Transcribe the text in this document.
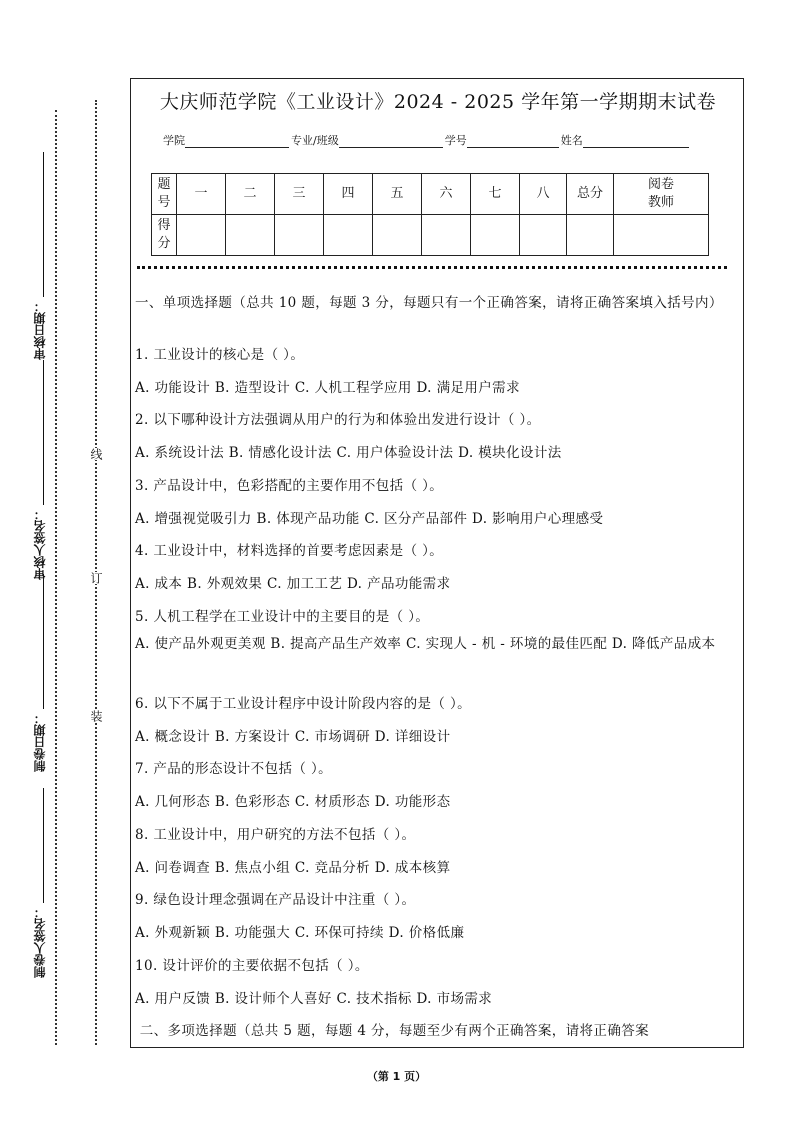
审核日期：
审核人签名：
制卷日期：
制卷人签名：
线
订
装
大庆师范学院《工业设计》2024 - 2025 学年第一学期期末试卷
学院	专业/班级	学号	姓名
题号	一	二	三	四	五	六	七	八	总分	阅卷教师
得分										
一、单项选择题（总共 10 题，每题 3 分，每题只有一个正确答案，请将正确答案填入括号内）
1. 工业设计的核心是（ ）。
A. 功能设计 B. 造型设计 C. 人机工程学应用 D. 满足用户需求
2. 以下哪种设计方法强调从用户的行为和体验出发进行设计（ ）。
A. 系统设计法 B. 情感化设计法 C. 用户体验设计法 D. 模块化设计法
3. 产品设计中，色彩搭配的主要作用不包括（ ）。
A. 增强视觉吸引力 B. 体现产品功能 C. 区分产品部件 D. 影响用户心理感受
4. 工业设计中，材料选择的首要考虑因素是（ ）。
A. 成本 B. 外观效果 C. 加工工艺 D. 产品功能需求
5. 人机工程学在工业设计中的主要目的是（ ）。
A. 使产品外观更美观 B. 提高产品生产效率 C. 实现人 - 机 - 环境的最佳匹配 D. 降低产品成本
6. 以下不属于工业设计程序中设计阶段内容的是（ ）。
A. 概念设计 B. 方案设计 C. 市场调研 D. 详细设计
7. 产品的形态设计不包括（ ）。
A. 几何形态 B. 色彩形态 C. 材质形态 D. 功能形态
8. 工业设计中，用户研究的方法不包括（ ）。
A. 问卷调查 B. 焦点小组 C. 竞品分析 D. 成本核算
9. 绿色设计理念强调在产品设计中注重（ ）。
A. 外观新颖 B. 功能强大 C. 环保可持续 D. 价格低廉
10. 设计评价的主要依据不包括（ ）。
A. 用户反馈 B. 设计师个人喜好 C. 技术指标 D. 市场需求
二、多项选择题（总共 5 题，每题 4 分，每题至少有两个正确答案，请将正确答案
（第 1 页）
